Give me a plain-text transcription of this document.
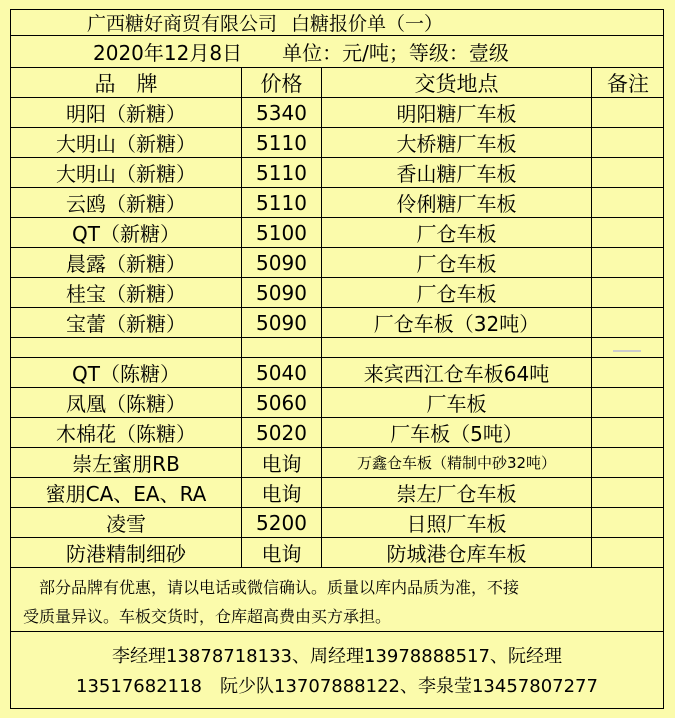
广西糖好商贸有限公司 白糖报价单（一）
2020年12月8日 单位：元/吨；等级：壹级
品　牌	价格	交货地点	备注
明阳（新糖）	5340	明阳糖厂车板
大明山（新糖）	5110	大桥糖厂车板
大明山（新糖）	5110	香山糖厂车板
云鸥（新糖）	5110	伶俐糖厂车板
QT（新糖）	5100	厂仓车板
晨露（新糖）	5090	厂仓车板
桂宝（新糖）	5090	厂仓车板
宝蕾（新糖）	5090	厂仓车板（32吨）
QT（陈糖）	5040	来宾西江仓车板64吨
凤凰（陈糖）	5060	厂车板
木棉花（陈糖）	5020	厂车板（5吨）
崇左蜜朋RB	电询	万鑫仓车板（精制中砂32吨）
蜜朋CA、EA、RA	电询	崇左厂仓车板
凌雪	5200	日照厂车板
防港精制细砂	电询	防城港仓库车板
　部分品牌有优惠，请以电话或微信确认。质量以库内品质为准，不接
受质量异议。车板交货时，仓库超高费由买方承担。
李经理13878718133、周经理13978888517、阮经理
13517682118　阮少队13707888122、李泉莹13457807277
